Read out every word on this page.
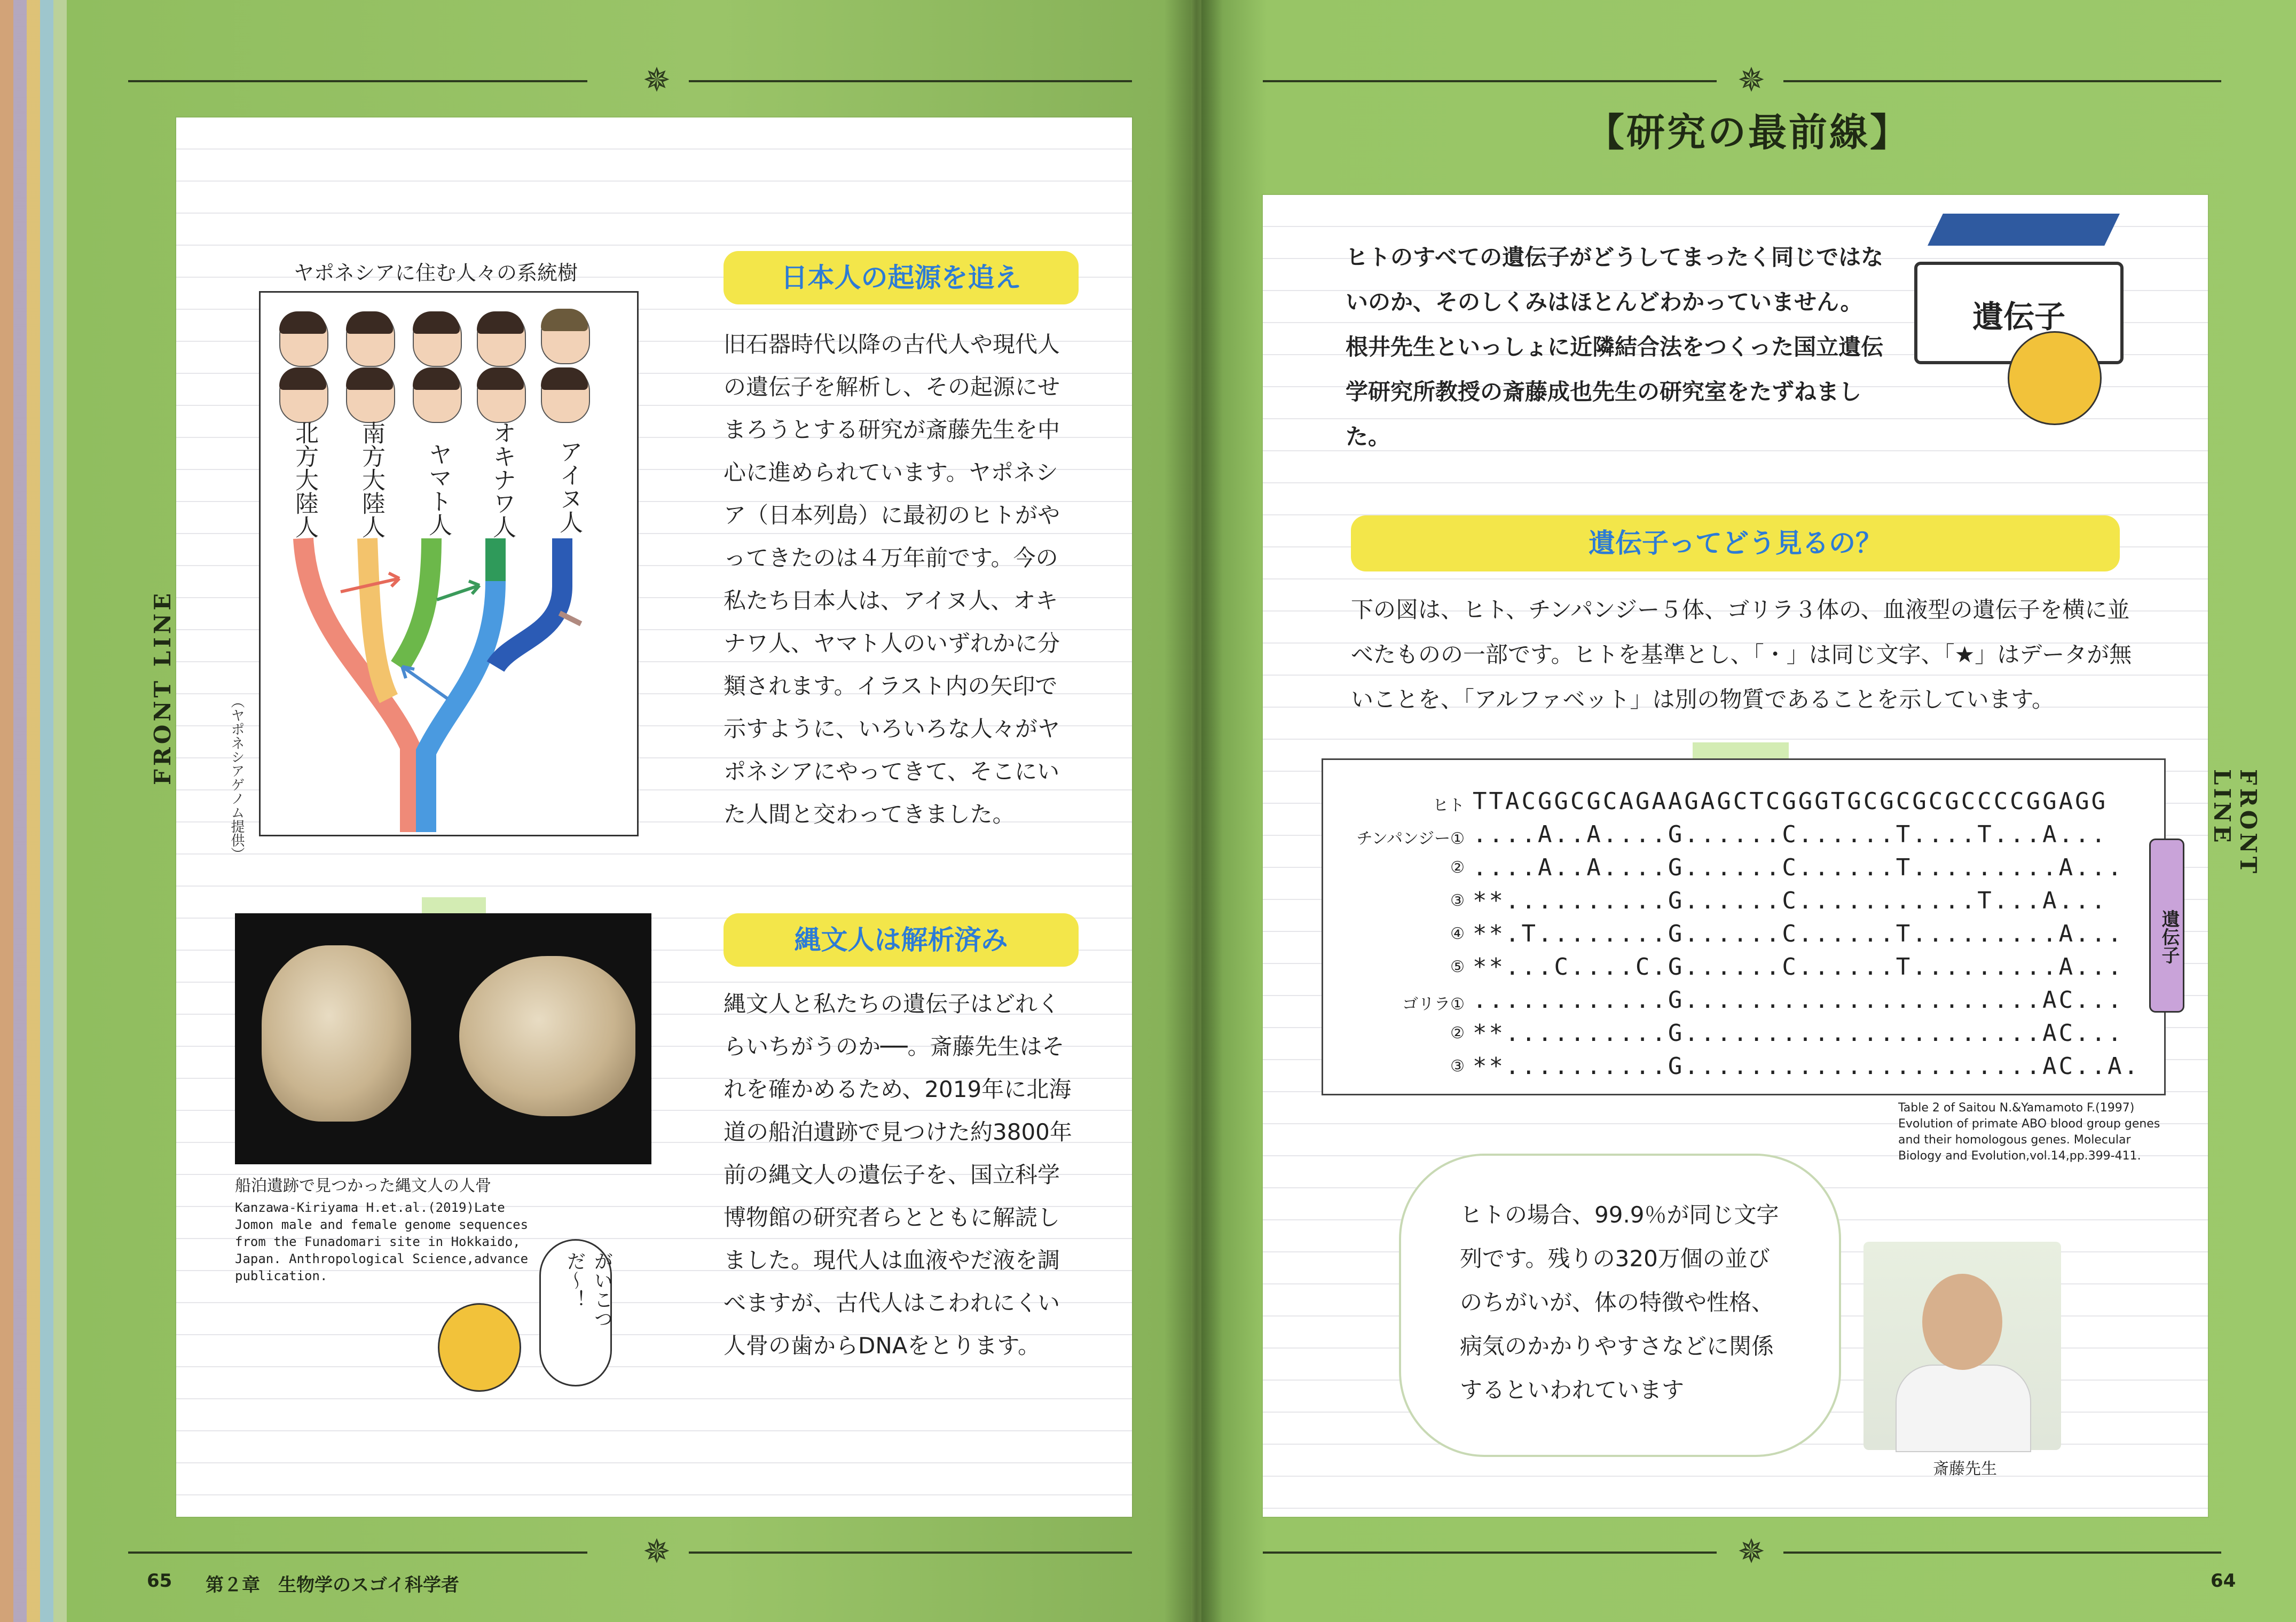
✵	✵
✵	✵
FRONT LINE
FRONT LINE
ヤポネシアに住む人々の系統樹
北方大陸人 南方大陸人 ヤマト人 オキナワ人 アイヌ人
（ヤポネシアゲノム提供）
日本人の起源を追え
旧石器時代以降の古代人や現代人の遺伝子を解析し、その起源にせまろうとする研究が斎藤先生を中心に進められています。ヤポネシア（日本列島）に最初のヒトがやってきたのは４万年前です。今の私たち日本人は、アイヌ人、オキナワ人、ヤマト人のいずれかに分類されます。イラスト内の矢印で示すように、いろいろな人々がヤポネシアにやってきて、そこにいた人間と交わってきました。
船泊遺跡で見つかった縄文人の人骨
Kanzawa-Kiriyama H.et.al.(2019)Late Jomon male and female genome sequences from the Funadomari site in Hokkaido, Japan. Anthropological Science,advance publication.
縄文人は解析済み
縄文人と私たちの遺伝子はどれくらいちがうのか──。斎藤先生はそれを確かめるため、2019年に北海道の船泊遺跡で見つけた約3800年前の縄文人の遺伝子を、国立科学博物館の研究者らとともに解読しました。現代人は血液やだ液を調べますが、古代人はこわれにくい人骨の歯からDNAをとります。
がいこつだ〜！
65 第２章　生物学のスゴイ科学者
【研究の最前線】
ヒトのすべての遺伝子がどうしてまったく同じではないのか、そのしくみはほとんどわかっていません。根井先生といっしょに近隣結合法をつくった国立遺伝学研究所教授の斎藤成也先生の研究室をたずねました。
遺伝子
遺伝子ってどう見るの？
下の図は、ヒト、チンパンジー５体、ゴリラ３体の、血液型の遺伝子を横に並べたものの一部です。ヒトを基準とし、「・」は同じ文字、「★」はデータが無いことを、「アルファベット」は別の物質であることを示しています。
ヒト TTACGGCGCAGAAGAGCTCGGGTGCGCGCGCCCCGGAGG
チンパンジー① ....A..A....G......C......T....T...A...
② ....A..A....G......C......T.........A...
③ **..........G......C...........T...A...
④ **.T........G......C......T.........A...
⑤ **...C....C.G......C......T.........A...
ゴリラ① ............G......................AC...
② **..........G......................AC...
③ **..........G......................AC..A.
遺伝子
Table 2 of Saitou N.&Yamamoto F.(1997) Evolution of primate ABO blood group genes and their homologous genes. Molecular Biology and Evolution,vol.14,pp.399-411.
ヒトの場合、99.9％が同じ文字列です。残りの320万個の並びのちがいが、体の特徴や性格、病気のかかりやすさなどに関係するといわれています
斎藤先生
64
